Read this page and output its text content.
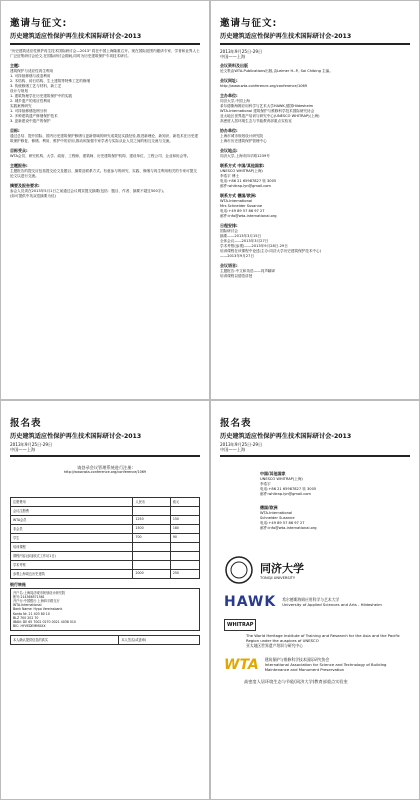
邀请与征文:
历史建筑适应性保护再生技术国际研讨会-2013
"历史建筑适应性保护再生技术国际研讨会—2013" 将在中国上海隆重召开。现在国际范围内邀请专家、学者和业界人士广泛征集研讨会论文,在国际研讨会期间,同时为历史建筑保护专项技术研讨。
主题:
建筑保护与适应性再生利用
1. 可持续修缮与改造利用
2. 木结构、砖石结构、生土建筑等特殊工艺的修缮
3. 传统修缮工艺与材料、新工艺
设计与规划
1. 建筑物理学在历史建筑保护中的实践
2. 城乡遗产的适应性利用
实践案例研究
1. 可持续修缮范例分析
2. 多种建筑遗产修缮保护技术
3. 更新建设中遗产的保护
目标:
通过总结、提升国际、国内历史建筑保护修缮与更新领域的研究成果及实践经验,推进新理论、新知识、新技术在历史建筑保护修复、修缮、利用、维护中的应用,推动和加强专家学者与实际从业人员之间的相互交流与交流。
目标受众:
WTA会员、研究机构、大学、政府、工程师、建筑师、历史建筑保护机构、建设单位、工程公司、企业和协会等。
主题报告:
主题报告的提交应包括提交论文及题目、摘要及联系方式。有意参与的研究、实践、修缮与再生利用相关的专家可提交论文以进行交流。
摘要及报告要求:
参会人员须在2013年5月1日之前通过会议网页提交摘要(包括：题目、作者、摘要不超过500字)。
(如可提供中英双语摘要为佳)
邀请与征文:
历史建筑适应性保护再生技术国际研讨会-2013
2013年9月25日-29日
中国——上海
会议资料及出版
论文集由WTA-Publications出版,由Leimer H.-P., Sai Chibing 主编。
会议网址:
http://www.wta-conference.org/conference/1069
主办单位:
同济大学,中国上海
希尔德斯海姆应用科学与艺术大学HAWK,德国Hildesheim
WTA-International 建筑保护与维修科学技术国际研究协会
亚太地区世界遗产培训与研究中心(UNESCO WHITRAP)(上海)
高密度人居环境生态与节能教育部重点实验室
协办单位:
上海市城市规划设计研究院
上海市历史建筑保护管理中心
会议地点:
同济大学,上海市四平路1239号
联系方式 中国/其他国家:
UNESCO WHITRAP(上海)
李浩宇 博士
电话:+86 21 65987827 转 3005
邮件:whitrap.lyn@gmail.com
联系方式 德国/欧洲:
WTA-International
Mrs Schneider Susanne
电话:+49 89 57 86 97 27
邮件:info@wta-international.org
日程安排:
国际研讨会
摘要——2013年3月15日
全体会议——2013年3月27日
学术考察(参观)——2013年9月28日-29日
培训课程在该课程中论述(主办:同济大学历史建筑保护技术中心)
——2013年9月27日
会议语言:
主题报告:中文和英语——同声翻译
培训课程以德语讲授
报名表
历史建筑适应性保护再生技术国际研讨会-2013
2013年9月25日-29日
中国——上海
请登录会议管理系统进行注册:
http://www.wta-conference.org/conference/1069
注册费用	人民币	欧元
会议注册费		
WTA会员	1250	150
非会员	1500	180
学生	700	90
培训课程		
课程内容(参加欧式工作坊1日)		
学术考察		
参观上海周边历史建筑	2000	250
银行转账
开户名:上海同济城市规划设计研究院
账号:214366571561
开户行:中国银行 上海四平路支行
WTA-International
Bank Name: Hypo Vereinsbank
Konto Nr. 21 403 80 10
BLZ 700 202 70
IBAN: DE 65 7002 0270 0021 4038 010
BIC: HYVEDEMMXXX
本人确认提供信息的真实	本人签名(或盖章)
报名表
历史建筑适应性保护再生技术国际研讨会-2013
2013年9月25日-29日
中国——上海
中国/其他国家
UNESCO WHITRAP(上海)
李浩宇
电话:+86 21 65987827 转 3005
邮件:whitrap.lyn@gmail.com
德国/欧洲
WTA-International
Schneider Susanne
电话:+49 89 57 86 97 27
邮件:info@wta-international.org
同济大学
TONGJI UNIVERSITY
HAWK 希尔德斯海姆应用科学与艺术大学
University of Applied Sciences and Arts - Hildesheim
WHITRAP
The World Heritage Institute of Training and Research for the Asia and the Pacific Region under the auspices of UNESCO
亚太地区世界遗产培训与研究中心
WTA 建筑保护与维修科学技术国际研究协会
International Association for Science and Technology of Building Maintenance and Monument Preservation
高密度人居环境生态与节能(同济大学)教育部重点实验室
